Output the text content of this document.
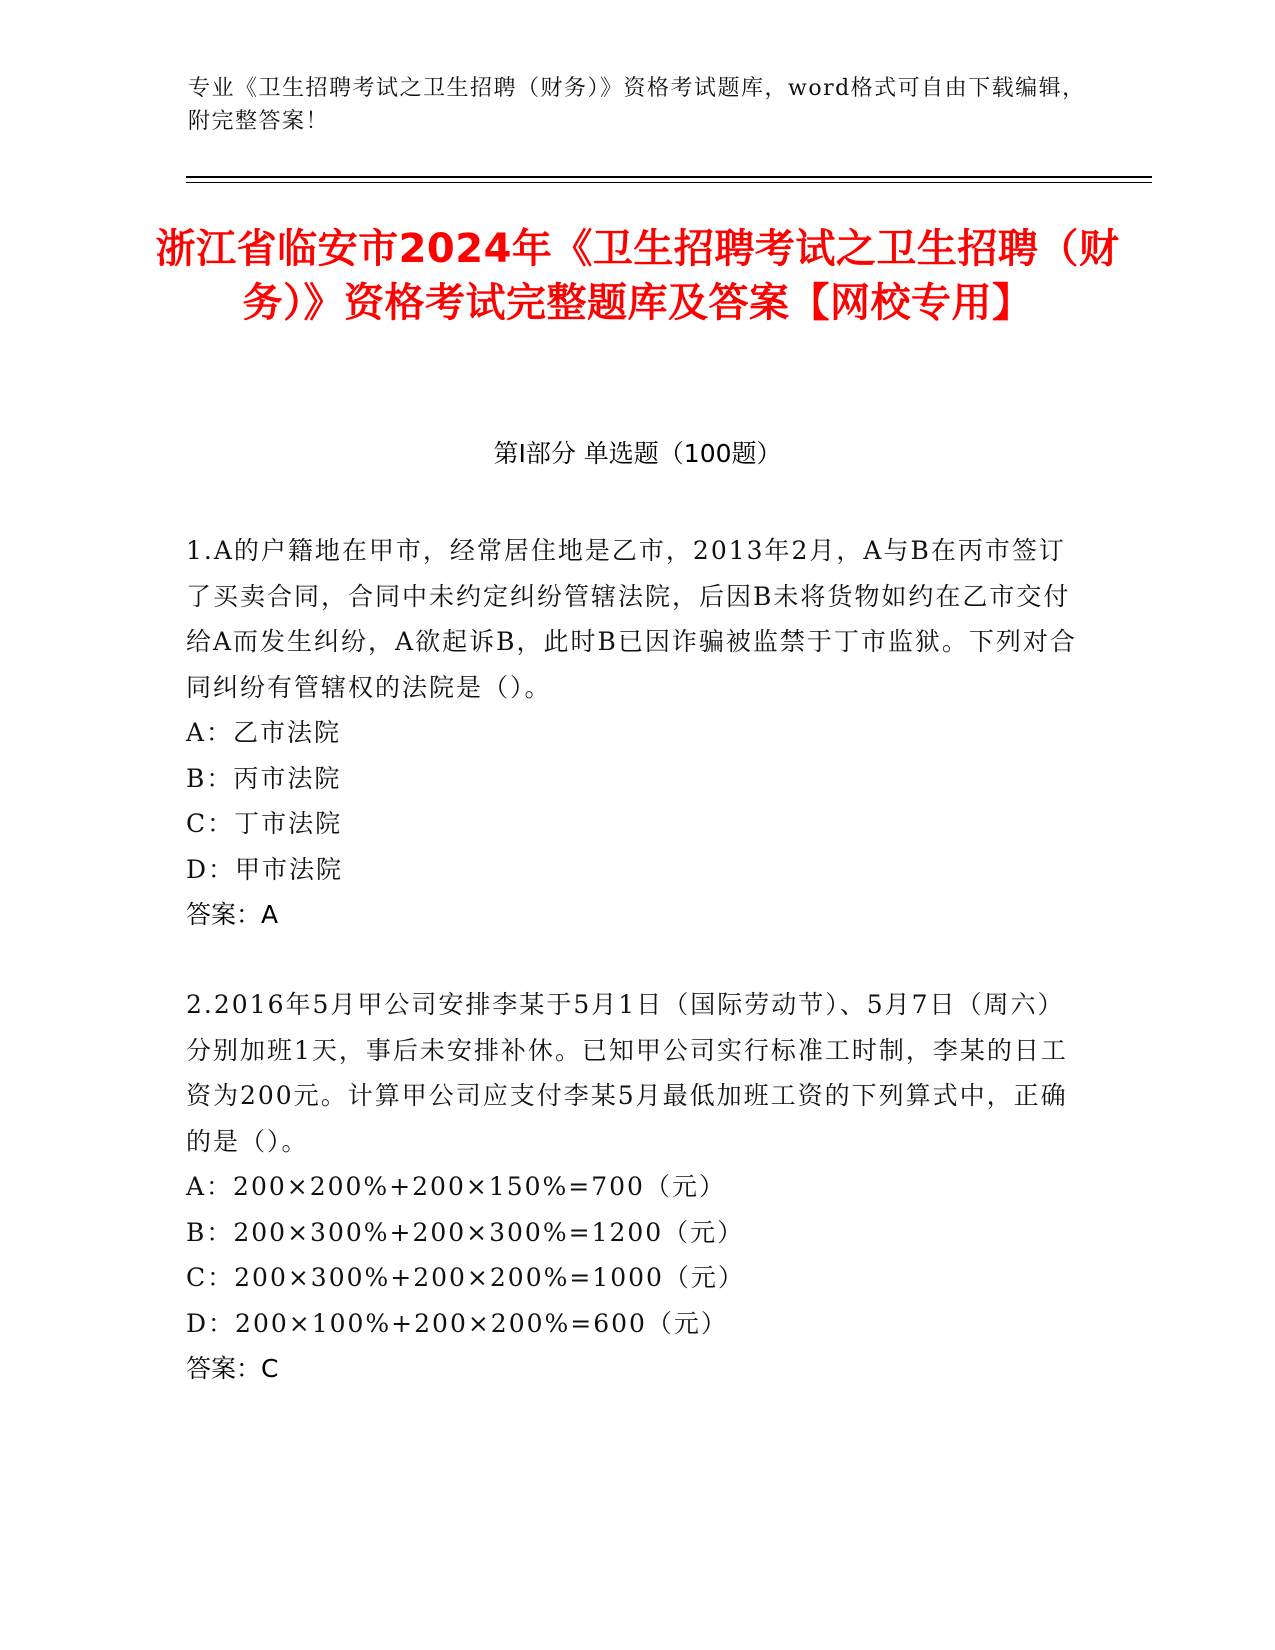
专业《卫生招聘考试之卫生招聘（财务）》资格考试题库，word格式可自由下载编辑，附完整答案！
浙江省临安市2024年《卫生招聘考试之卫生招聘（财务）》资格考试完整题库及答案【网校专用】
第I部分 单选题（100题）

1.A的户籍地在甲市，经常居住地是乙市，2013年2月，A与B在丙市签订了买卖合同，合同中未约定纠纷管辖法院，后因B未将货物如约在乙市交付给A而发生纠纷，A欲起诉B，此时B已因诈骗被监禁于丁市监狱。下列对合同纠纷有管辖权的法院是（）。

A：乙市法院

B：丙市法院

C：丁市法院

D：甲市法院

答案：A

2.2016年5月甲公司安排李某于5月1日（国际劳动节）、5月7日（周六）分别加班1天，事后未安排补休。已知甲公司实行标准工时制，李某的日工资为200元。计算甲公司应支付李某5月最低加班工资的下列算式中，正确的是（）。

A：200×200%+200×150%=700（元）

B：200×300%+200×300%=1200（元）

C：200×300%+200×200%=1000（元）

D：200×100%+200×200%=600（元）

答案：C
